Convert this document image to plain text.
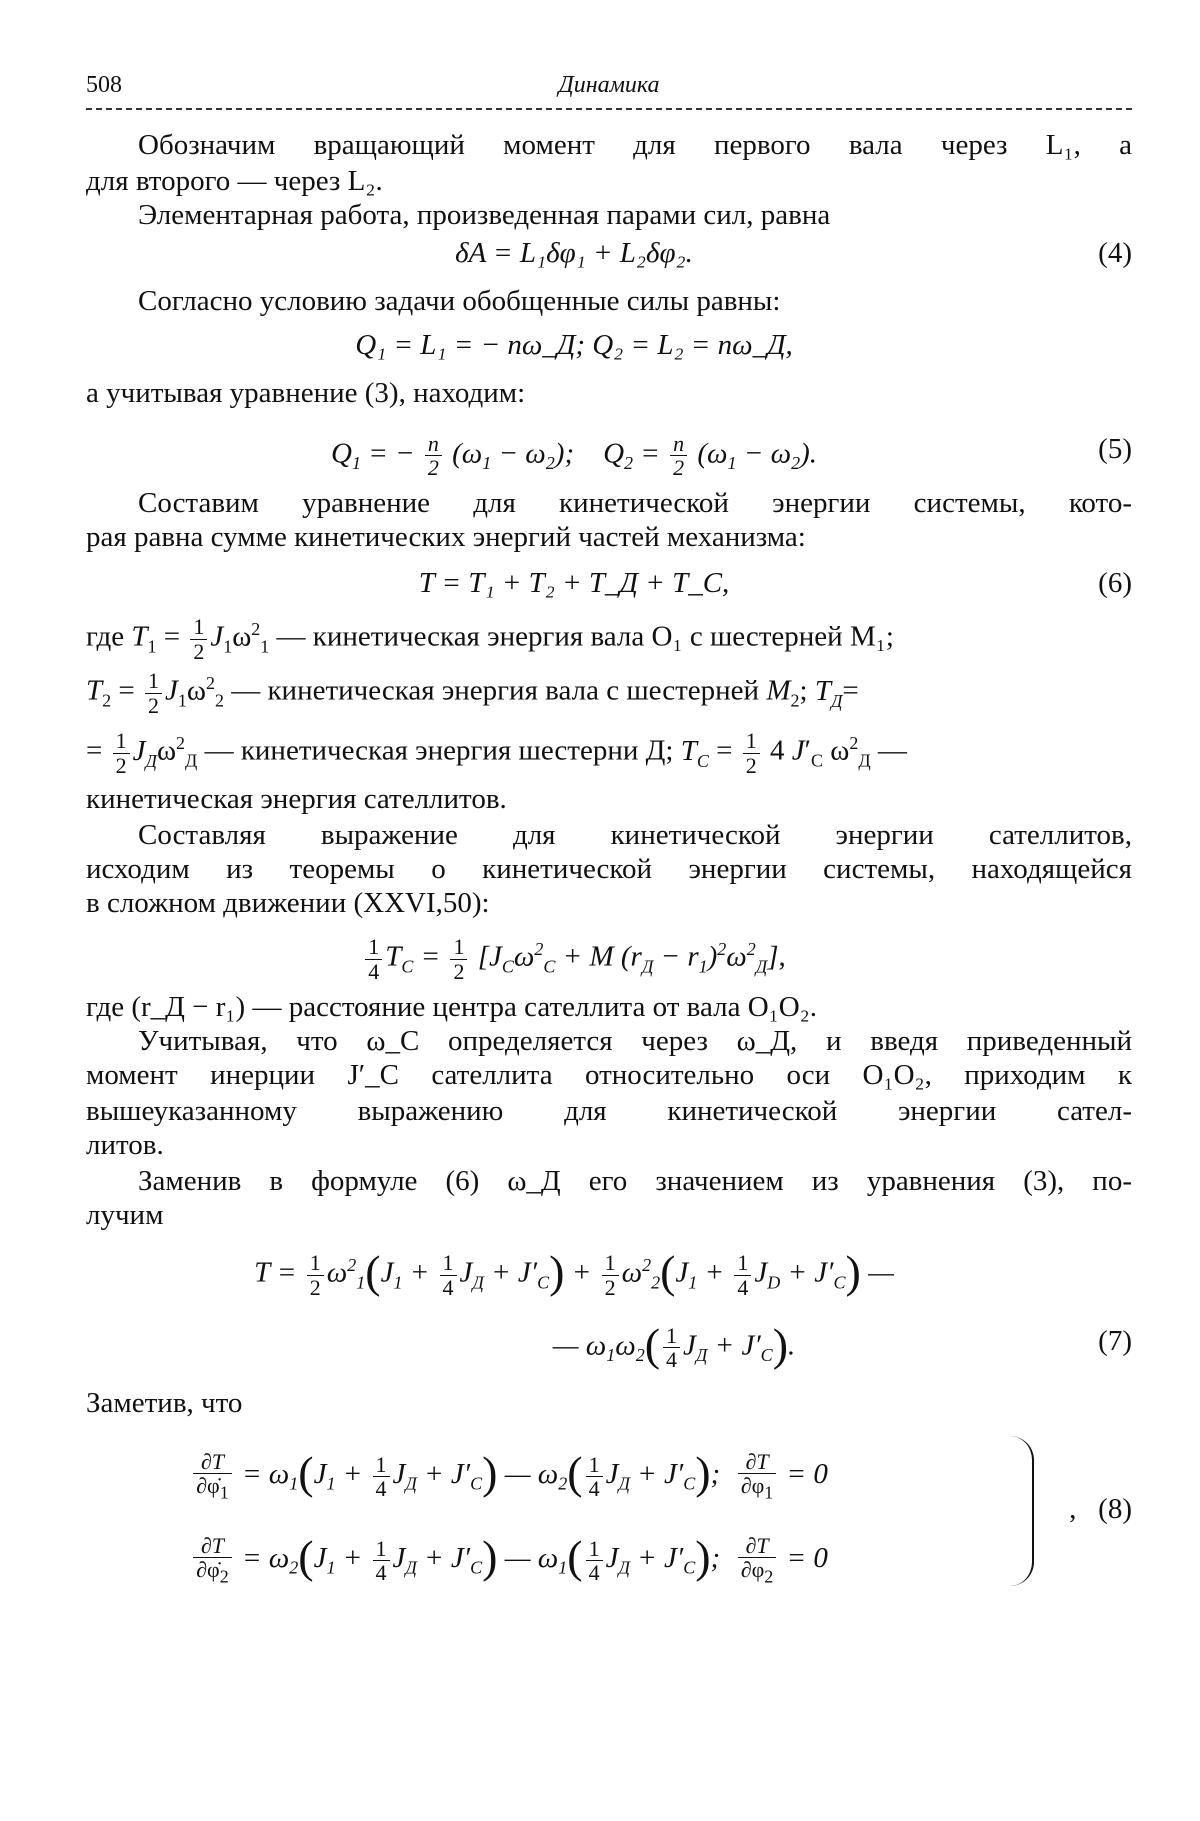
508	Динамика
Обозначим вращающий момент для первого вала через L₁, а
для второго — через L₂.
Элементарная работа, произведенная парами сил, равна
δA = L₁δφ₁ + L₂δφ₂.	(4)
Согласно условию задачи обобщенные силы равны:
Q₁ = L₁ = − nω_Д; Q₂ = L₂ = nω_Д,
а учитывая уравнение (3), находим:
$Q_1$ = − $\frac{n}{2} (\omega_1 - \omega_2)$;    $Q_2 = \frac{n}{2} (\omega_1 - \omega_2)$.	(5)
Составим уравнение для кинетической энергии системы, кото-
рая равна сумме кинетических энергий частей механизма:
T = T₁ + T₂ + T_Д + T_C,	(6)
где $T_1 = \frac{1}{2} J_1\omega^2_1$ — кинетическая энергия вала O₁ с шестерней M₁;
$T_2 = \frac{1}{2} J_1\omega^2_2$ — кинетическая энергия вала с шестерней $M_2$; $T_Д=$
= $\frac{1}{2} J_Д\omega^2_Д$ — кинетическая энергия шестерни Д; $T_C = \frac{1}{2} 4$ $J'_C$ $\omega^2_Д$ —
кинетическая энергия сателлитов.
Составляя выражение для кинетической энергии сателлитов,
исходим из теоремы о кинетической энергии системы, находящейся
в сложном движении (XXVI,50):
$\frac{1}{4} T_C = \frac{1}{2} [J_C\omega^2_C + M$ $(r_Д - r_1)^2\omega^2_Д$],
где (r_Д − r₁) — расстояние центра сателлита от вала O₁O₂.
Учитывая, что ω_C определяется через ω_Д, и введя приведенный
момент инерции J′_C сателлита относительно оси O₁O₂, приходим к
вышеуказанному выражению для кинетической энергии сател-
литов.
Заменив в формуле (6) ω_Д его значением из уравнения (3), по-
лучим
$T = \frac{1}{2} \omega^2_1(J_1 + \frac{1}{4} J_Д + J'_C) + \frac{1}{2} \omega^2_2(J_1 + \frac{1}{4} J_D + J'_C)$ —
— $\omega_1\omega_2( \frac{1}{4} J_Д + J'_C)$.	(7)
Заметив, что
$\frac{\partial T}{\partial\varphi̇_1} = \omega_1(J_1 + \frac{1}{4} J_Д + J'_C)$ — $\omega_2( \frac{1}{4} J_Д + J'_C)$; $\frac{\partial T}{\partial\varphi_1} = 0$
$\frac{\partial T}{\partial\varphi̇_2} = \omega_2(J_1 + \frac{1}{4} J_Д + J'_C)$ — $\omega_1( \frac{1}{4} J_Д + J'_C)$; $\frac{\partial T}{\partial\varphi_2} = 0$
,   (8)
